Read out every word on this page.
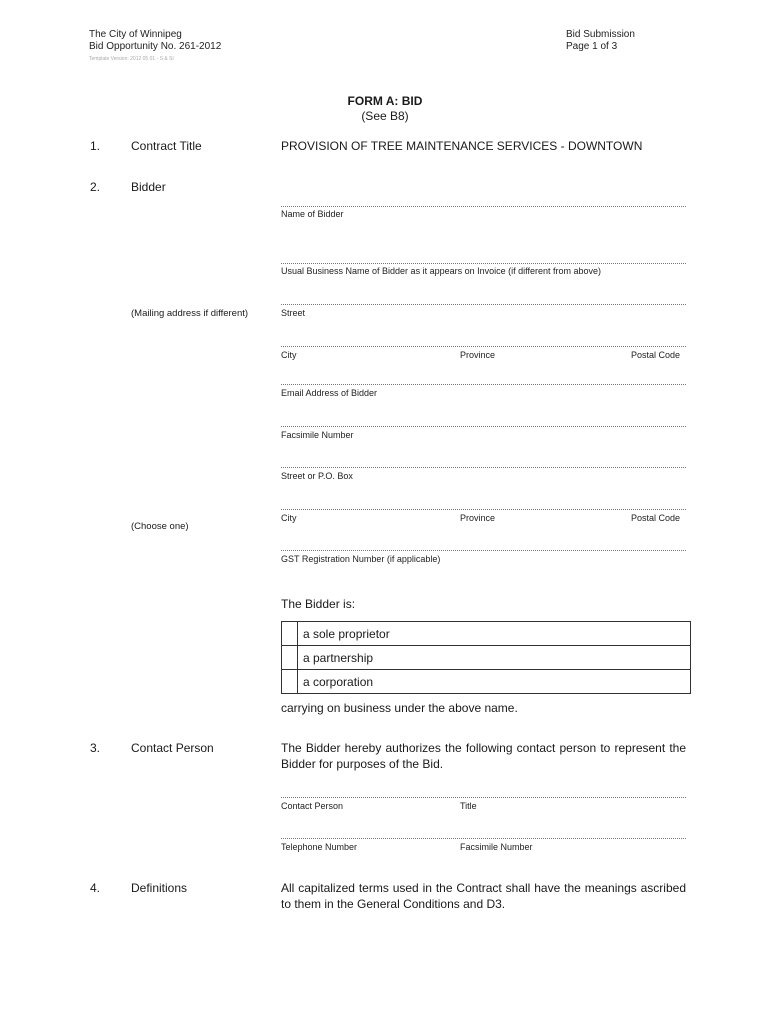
The City of Winnipeg
Bid Opportunity No. 261-2012
Template Version: 2012 05 01 - S & SI
Bid Submission
Page 1 of 3
FORM A: BID
(See B8)
1.	Contract Title	PROVISION OF TREE MAINTENANCE SERVICES - DOWNTOWN
2.	Bidder
Name of Bidder
Usual Business Name of Bidder as it appears on Invoice (if different from above)
(Mailing address if different)	Street
City	Province	Postal Code
Email Address of Bidder
Facsimile Number
Street or P.O. Box
City	Province	Postal Code
(Choose one)
GST Registration Number (if applicable)
The Bidder is:
	a sole proprietor
	a partnership
	a corporation
carrying on business under the above name.
3.	Contact Person	The Bidder hereby authorizes the following contact person to represent the Bidder for purposes of the Bid.
Contact Person	Title
Telephone Number	Facsimile Number
4.	Definitions	All capitalized terms used in the Contract shall have the meanings ascribed to them in the General Conditions and D3.
